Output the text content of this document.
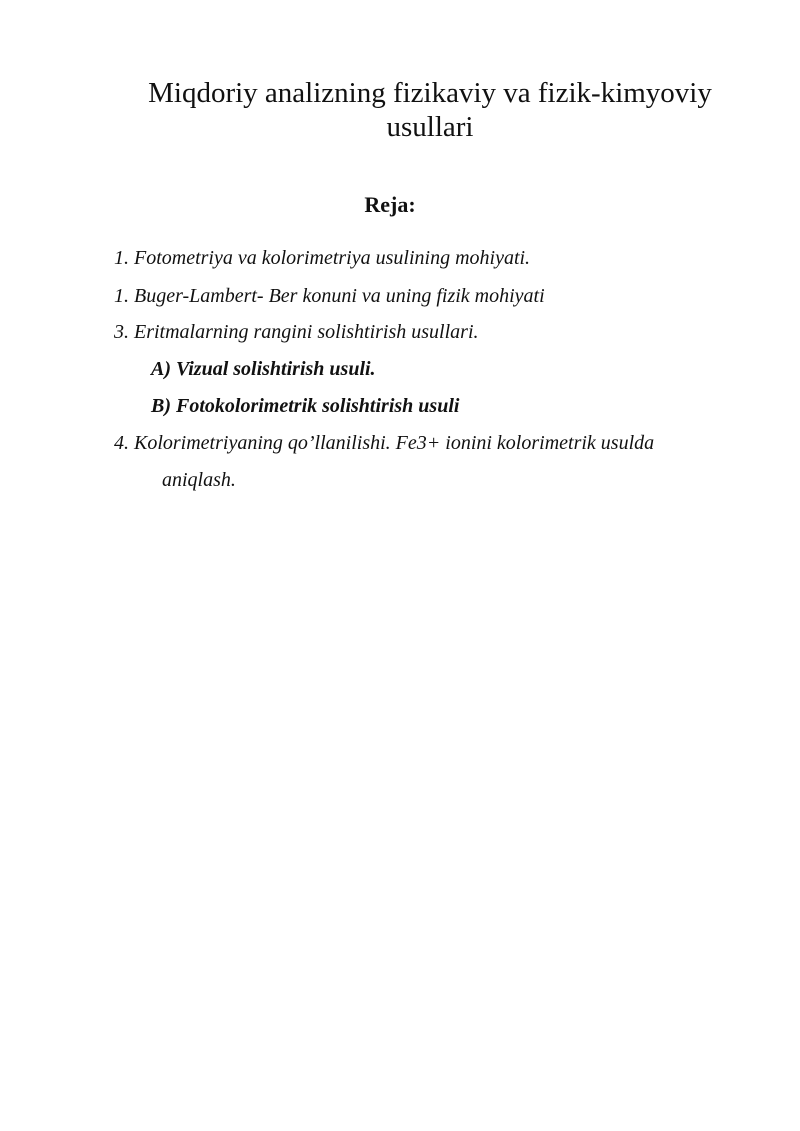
Miqdoriy analizning fizikaviy va fizik-kimyoviy
usullari
Reja:
1. Fotometriya va kolorimetriya usulining mohiyati.
1. Buger-Lambert- Ber konuni va uning fizik mohiyati
3. Eritmalarning rangini solishtirish usullari.
A) Vizual solishtirish usuli.
B) Fotokolorimetrik solishtirish usuli
4. Kolorimetriyaning qo’llanilishi. Fe3+ ionini kolorimetrik usulda
aniqlash.
